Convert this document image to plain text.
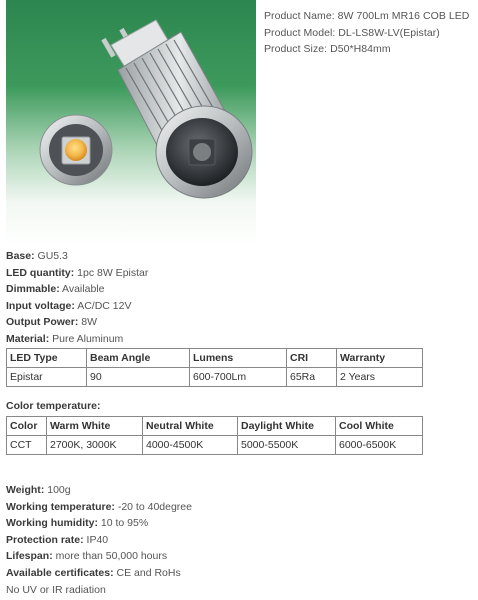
Product Name: 8W 700Lm MR16 COB LED
Product Model: DL-LS8W-LV(Epistar)
Product Size: D50*H84mm
Base: GU5.3
LED quantity: 1pc 8W Epistar
Dimmable: Available
Input voltage: AC/DC 12V
Output Power: 8W
Material: Pure Aluminum
LED Type	Beam Angle	Lumens	CRI	Warranty
Epistar	90	600-700Lm	65Ra	2 Years
Color temperature:
Color	Warm White	Neutral White	Daylight White	Cool White
CCT	2700K, 3000K	4000-4500K	5000-5500K	6000-6500K
Weight: 100g
Working temperature: -20 to 40degree
Working humidity: 10 to 95%
Protection rate: IP40
Lifespan: more than 50,000 hours
Available certificates: CE and RoHs
No UV or IR radiation
